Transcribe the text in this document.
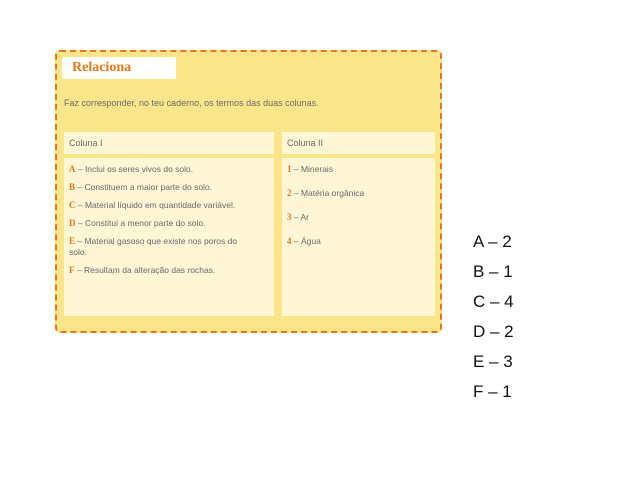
Relaciona
Faz corresponder, no teu caderno, os termos das duas colunas.
Coluna I
A – Inclui os seres vivos do solo.
B – Constituem a maior parte do solo.
C – Material líquido em quantidade variável.
D – Constitui a menor parte do solo.
E – Material gasoso que existe nos poros do solo.
F – Resultam da alteração das rochas.
Coluna II
1 – Minerais
2 – Matéria orgânica
3 – Ar
4 – Água	A – 2
B – 1
C – 4
D – 2
E – 3
F – 1
